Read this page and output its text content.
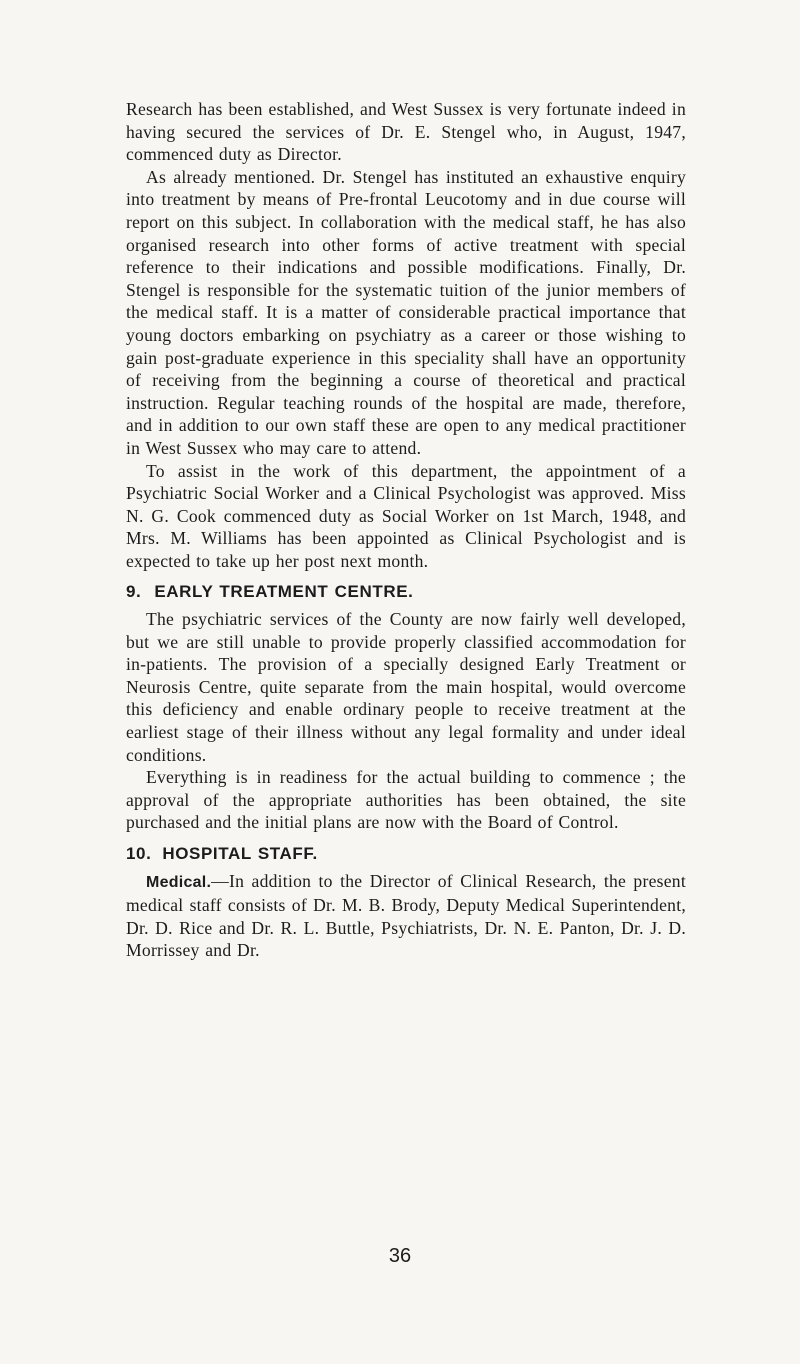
Research has been established, and West Sussex is very fortunate indeed in having secured the services of Dr. E. Stengel who, in August, 1947, commenced duty as Director.

As already mentioned. Dr. Stengel has instituted an exhaustive enquiry into treatment by means of Pre-frontal Leucotomy and in due course will report on this subject. In collaboration with the medical staff, he has also organised research into other forms of active treatment with special reference to their indications and possible modifications. Finally, Dr. Stengel is responsible for the systematic tuition of the junior members of the medical staff. It is a matter of considerable practical importance that young doctors embarking on psychiatry as a career or those wishing to gain post-graduate experience in this speciality shall have an opportunity of receiving from the beginning a course of theoretical and practical instruction. Regular teaching rounds of the hospital are made, therefore, and in addition to our own staff these are open to any medical practitioner in West Sussex who may care to attend.

To assist in the work of this department, the appointment of a Psychiatric Social Worker and a Clinical Psychologist was approved. Miss N. G. Cook commenced duty as Social Worker on 1st March, 1948, and Mrs. M. Williams has been appointed as Clinical Psychologist and is expected to take up her post next month.

9. EARLY TREATMENT CENTRE.

The psychiatric services of the County are now fairly well developed, but we are still unable to provide properly classified accommodation for in-patients. The provision of a specially designed Early Treatment or Neurosis Centre, quite separate from the main hospital, would overcome this deficiency and enable ordinary people to receive treatment at the earliest stage of their illness without any legal formality and under ideal conditions.

Everything is in readiness for the actual building to commence ; the approval of the appropriate authorities has been obtained, the site purchased and the initial plans are now with the Board of Control.

10. HOSPITAL STAFF.

Medical.—In addition to the Director of Clinical Research, the present medical staff consists of Dr. M. B. Brody, Deputy Medical Superintendent, Dr. D. Rice and Dr. R. L. Buttle, Psychiatrists, Dr. N. E. Panton, Dr. J. D. Morrissey and Dr.

36
